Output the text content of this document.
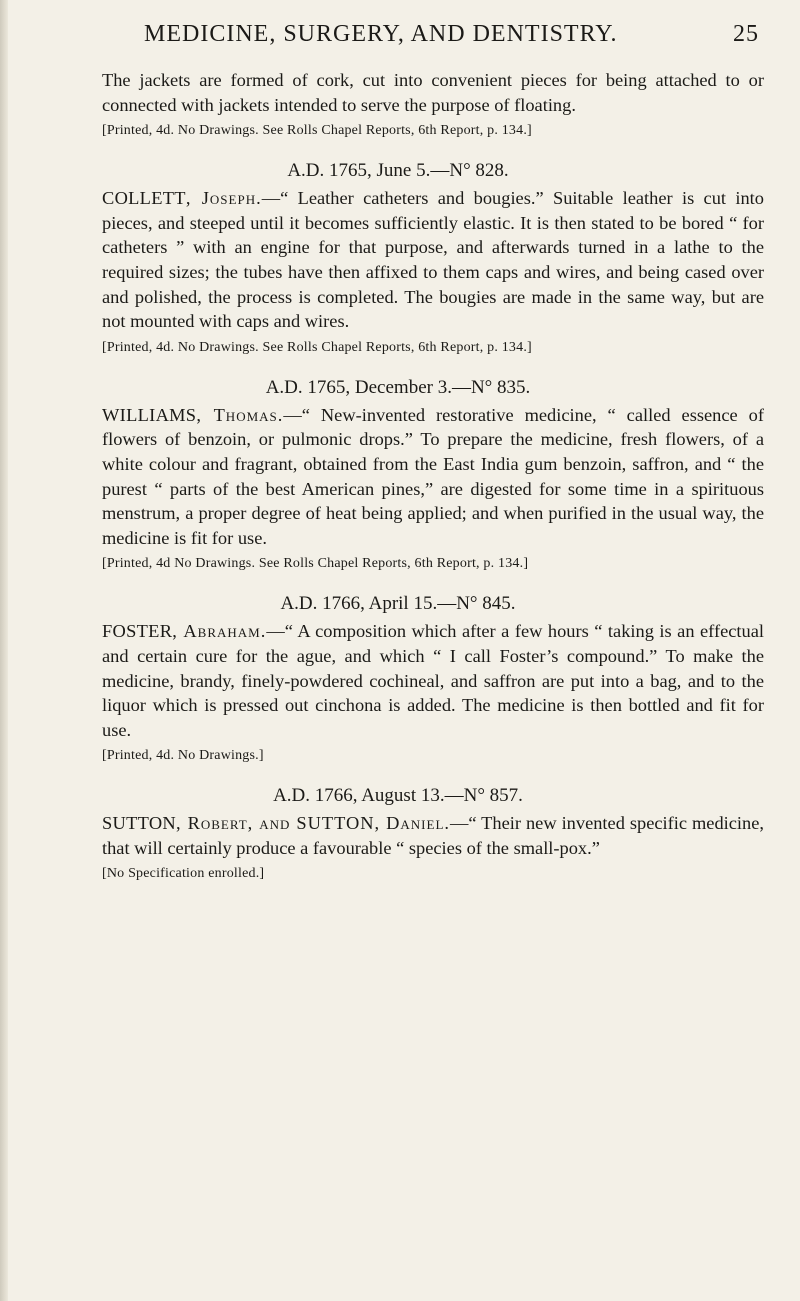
MEDICINE, SURGERY, AND DENTISTRY.	25

The jackets are formed of cork, cut into convenient pieces for being attached to or connected with jackets intended to serve the purpose of floating.

[Printed, 4d. No Drawings. See Rolls Chapel Reports, 6th Report, p. 134.]

A.D. 1765, June 5.—N° 828.

COLLETT, Joseph.—“ Leather catheters and bougies.” Suitable leather is cut into pieces, and steeped until it becomes sufficiently elastic. It is then stated to be bored “ for catheters ” with an engine for that purpose, and afterwards turned in a lathe to the required sizes; the tubes have then affixed to them caps and wires, and being cased over and polished, the process is completed. The bougies are made in the same way, but are not mounted with caps and wires.

[Printed, 4d. No Drawings. See Rolls Chapel Reports, 6th Report, p. 134.]

A.D. 1765, December 3.—N° 835.

WILLIAMS, Thomas.—“ New-invented restorative medicine, “ called essence of flowers of benzoin, or pulmonic drops.” To prepare the medicine, fresh flowers, of a white colour and fragrant, obtained from the East India gum benzoin, saffron, and “ the purest “ parts of the best American pines,” are digested for some time in a spirituous menstrum, a proper degree of heat being applied; and when purified in the usual way, the medicine is fit for use.

[Printed, 4d No Drawings. See Rolls Chapel Reports, 6th Report, p. 134.]

A.D. 1766, April 15.—N° 845.

FOSTER, Abraham.—“ A composition which after a few hours “ taking is an effectual and certain cure for the ague, and which “ I call Foster’s compound.” To make the medicine, brandy, finely-powdered cochineal, and saffron are put into a bag, and to the liquor which is pressed out cinchona is added. The medicine is then bottled and fit for use.

[Printed, 4d. No Drawings.]

A.D. 1766, August 13.—N° 857.

SUTTON, Robert, and SUTTON, Daniel.—“ Their new invented specific medicine, that will certainly produce a favourable “ species of the small-pox.”

[No Specification enrolled.]
